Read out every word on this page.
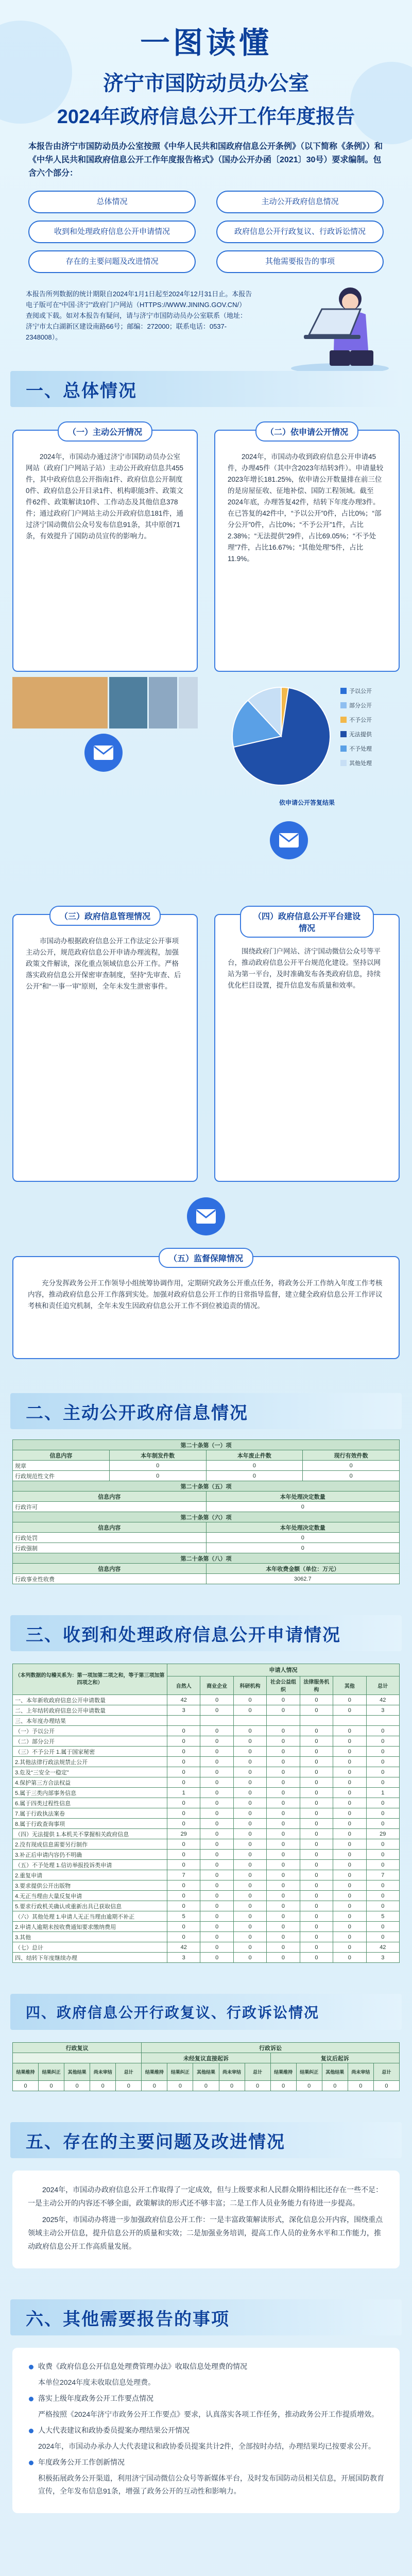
一图读懂
济宁市国防动员办公室
2024年政府信息公开工作年度报告
本报告由济宁市国防动员办公室按照《中华人民共和国政府信息公开条例》（以下简称《条例》）和《中华人民共和国政府信息公开工作年度报告格式》（国办公开办函〔2021〕30号）要求编制。包含六个部分：
总体情况	主动公开政府信息情况
收到和处理政府信息公开申请情况	政府信息公开行政复议、行政诉讼情况
存在的主要问题及改进情况	其他需要报告的事项
本报告所列数据的统计期限自2024年1月1日起至2024年12月31日止。本报告电子版可在“中国·济宁”政府门户网站（HTTPS://WWW.JINING.GOV.CN/）查阅或下载。如对本报告有疑问，请与济宁市国防动员办公室联系（地址：济宁市太白湖新区建设南路66号；邮编：272000；联系电话：0537-2348008）。
一、总体情况
（一）主动公开情况
2024年，市国动办通过济宁市国防动员办公室网站（政府门户网站子站）主动公开政府信息共455件，其中政府信息公开指南1件、政府信息公开制度0件、政府信息公开目录1件、机构职能3件、政策文件62件、政策解读10件、工作动态及其他信息378件；通过政府门户网站主动公开政府信息181件，通过济宁国动微信公众号发布信息91条，其中原创71条，有效提升了国防动员宣传的影响力。
（二）依申请公开情况
2024年，市国动办收到政府信息公开申请45件，办理45件（其中含2023年结转3件）。申请量较2023年增长181.25%，依申请公开数量排在前三位的是房屋征收、征地补偿、国防工程领域。截至2024年底，办理答复42件，结转下年度办理3件。在已答复的42件中，“予以公开”0件，占比0%；“部分公开”0件，占比0%；“不予公开”1件，占比2.38%；“无法提供”29件，占比69.05%；“不予处理”7件，占比16.67%；“其他处理”5件，占比11.9%。
予以公开
部分公开
不予公开
无法提供
不予处理
其他处理
依申请公开答复结果
（三）政府信息管理情况
市国动办根据政府信息公开工作法定公开事项主动公开，规范政府信息公开申请办理流程，加强政策文件解读，深化重点领域信息公开工作。严格落实政府信息公开保密审查制度，坚持“先审查、后公开”和“一事一审”原则，全年未发生泄密事件。
（四）政府信息公开平台建设情况
围绕政府门户网站、济宁国动微信公众号等平台，推动政府信息公开平台规范化建设。坚持以网站为第一平台，及时准确发布各类政府信息，持续优化栏目设置，提升信息发布质量和效率。
（五）监督保障情况
充分发挥政务公开工作领导小组统筹协调作用，定期研究政务公开重点任务，将政务公开工作纳入年度工作考核内容，推动政府信息公开工作落到实处。加强对政府信息公开工作的日常指导监督，建立健全政府信息公开工作评议考核和责任追究机制，全年未发生因政府信息公开工作不到位被追责的情况。
二、主动公开政府信息情况
第二十条第（一）项			
信息内容	本年制发件数	本年废止件数	现行有效件数
规章	0	0	0
行政规范性文件	0	0	0
第二十条第（五）项			
信息内容		本年处理决定数量	
行政许可		0	
第二十条第（六）项			
信息内容		本年处理决定数量	
行政处罚		0	
行政强制		0	
第二十条第（八）项			
信息内容		本年收费金额（单位：万元）	
行政事业性收费		3062.7	
三、收到和处理政府信息公开申请情况
（本列数据的勾稽关系为：第一项加第二项之和，等于第三项加第四项之和）	申请人情况						
	自然人	商业企业	科研机构	社会公益组织	法律服务机构	其他	总计
一、本年新收政府信息公开申请数量	42	0	0	0	0	0	42
二、上年结转政府信息公开申请数量	3	0	0	0	0	0	3
三、本年度办理结果							
（一）予以公开	0	0	0	0	0	0	0
（二）部分公开	0	0	0	0	0	0	0
（三）不予公开 1.属于国家秘密	0	0	0	0	0	0	0
2.其他法律行政法规禁止公开	0	0	0	0	0	0	0
3.危及“三安全一稳定”	0	0	0	0	0	0	0
4.保护第三方合法权益	0	0	0	0	0	0	0
5.属于三类内部事务信息	1	0	0	0	0	0	1
6.属于四类过程性信息	0	0	0	0	0	0	0
7.属于行政执法案卷	0	0	0	0	0	0	0
8.属于行政查询事项	0	0	0	0	0	0	0
（四）无法提供 1.本机关不掌握相关政府信息	29	0	0	0	0	0	29
2.没有现成信息需要另行制作	0	0	0	0	0	0	0
3.补正后申请内容仍不明确	0	0	0	0	0	0	0
（五）不予处理 1.信访举报投诉类申请	0	0	0	0	0	0	0
2.重复申请	7	0	0	0	0	0	7
3.要求提供公开出版物	0	0	0	0	0	0	0
4.无正当理由大量反复申请	0	0	0	0	0	0	0
5.要求行政机关确认或重新出具已获取信息	0	0	0	0	0	0	0
（六）其他处理 1.申请人无正当理由逾期不补正	5	0	0	0	0	0	5
2.申请人逾期未按收费通知要求缴纳费用	0	0	0	0	0	0	0
3.其他	0	0	0	0	0	0	0
（七）总计	42	0	0	0	0	0	42
四、结转下年度继续办理	3	0	0	0	0	0	3
四、政府信息公开行政复议、行政诉讼情况
行政复议					行政诉讼									
					未经复议直接起诉					复议后起诉				
结果维持	结果纠正	其他结果	尚未审结	总计	结果维持	结果纠正	其他结果	尚未审结	总计	结果维持	结果纠正	其他结果	尚未审结	总计
0	0	0	0	0	0	0	0	0	0	0	0	0	0	0
五、存在的主要问题及改进情况

2024年，市国动办政府信息公开工作取得了一定成效，但与上级要求和人民群众期待相比还存在一些不足：一是主动公开的内容还不够全面，政策解读的形式还不够丰富；二是工作人员业务能力有待进一步提高。

2025年，市国动办将进一步加强政府信息公开工作：一是丰富政策解读形式，深化信息公开内容，围绕重点领域主动公开信息，提升信息公开的质量和实效；二是加强业务培训，提高工作人员的业务水平和工作能力，推动政府信息公开工作高质量发展。

六、其他需要报告的事项
收费《政府信息公开信息处理费管理办法》收取信息处理费的情况
本单位2024年度未收取信息处理费。
落实上级年度政务公开工作要点情况
严格按照《2024年济宁市政务公开工作要点》要求，认真落实各项工作任务，推动政务公开工作提质增效。
人大代表建议和政协委员提案办理结果公开情况
2024年，市国动办承办人大代表建议和政协委员提案共计2件，全部按时办结，办理结果均已按要求公开。
年度政务公开工作创新情况
积极拓展政务公开渠道，利用济宁国动微信公众号等新媒体平台，及时发布国防动员相关信息，开展国防教育宣传，全年发布信息91条，增强了政务公开的互动性和影响力。
